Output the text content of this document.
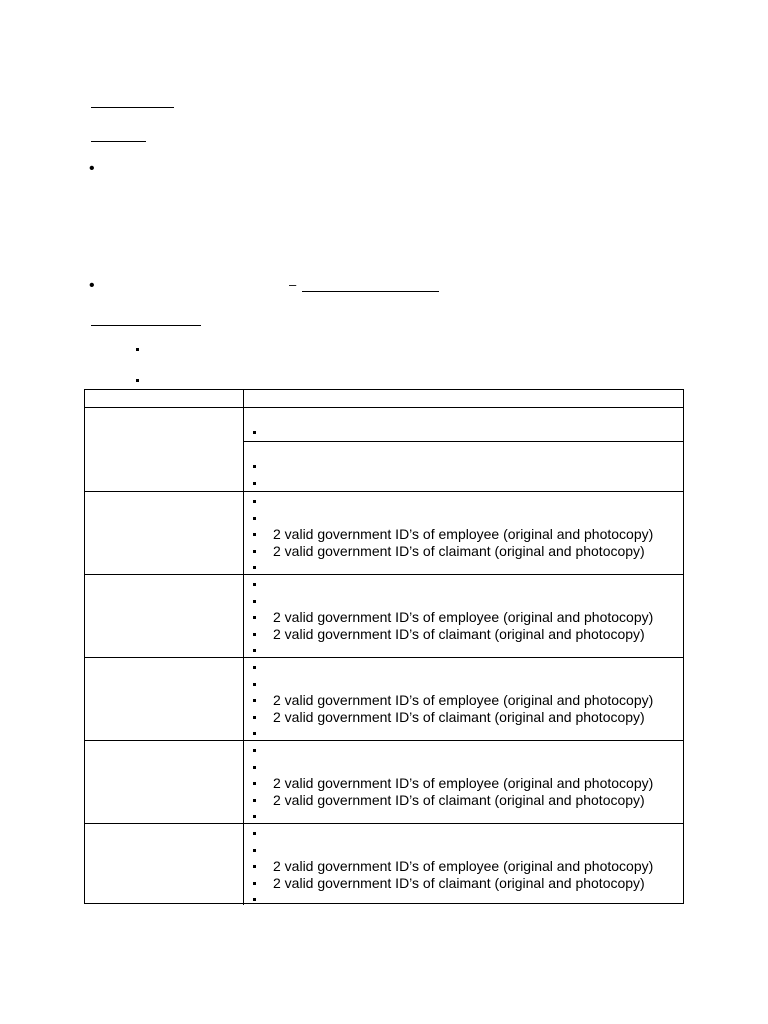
•
•	–
2 valid government ID’s of employee (original and photocopy)
2 valid government ID’s of claimant (original and photocopy)
2 valid government ID’s of employee (original and photocopy)
2 valid government ID’s of claimant (original and photocopy)
2 valid government ID’s of employee (original and photocopy)
2 valid government ID’s of claimant (original and photocopy)
2 valid government ID’s of employee (original and photocopy)
2 valid government ID’s of claimant (original and photocopy)
2 valid government ID’s of employee (original and photocopy)
2 valid government ID’s of claimant (original and photocopy)
